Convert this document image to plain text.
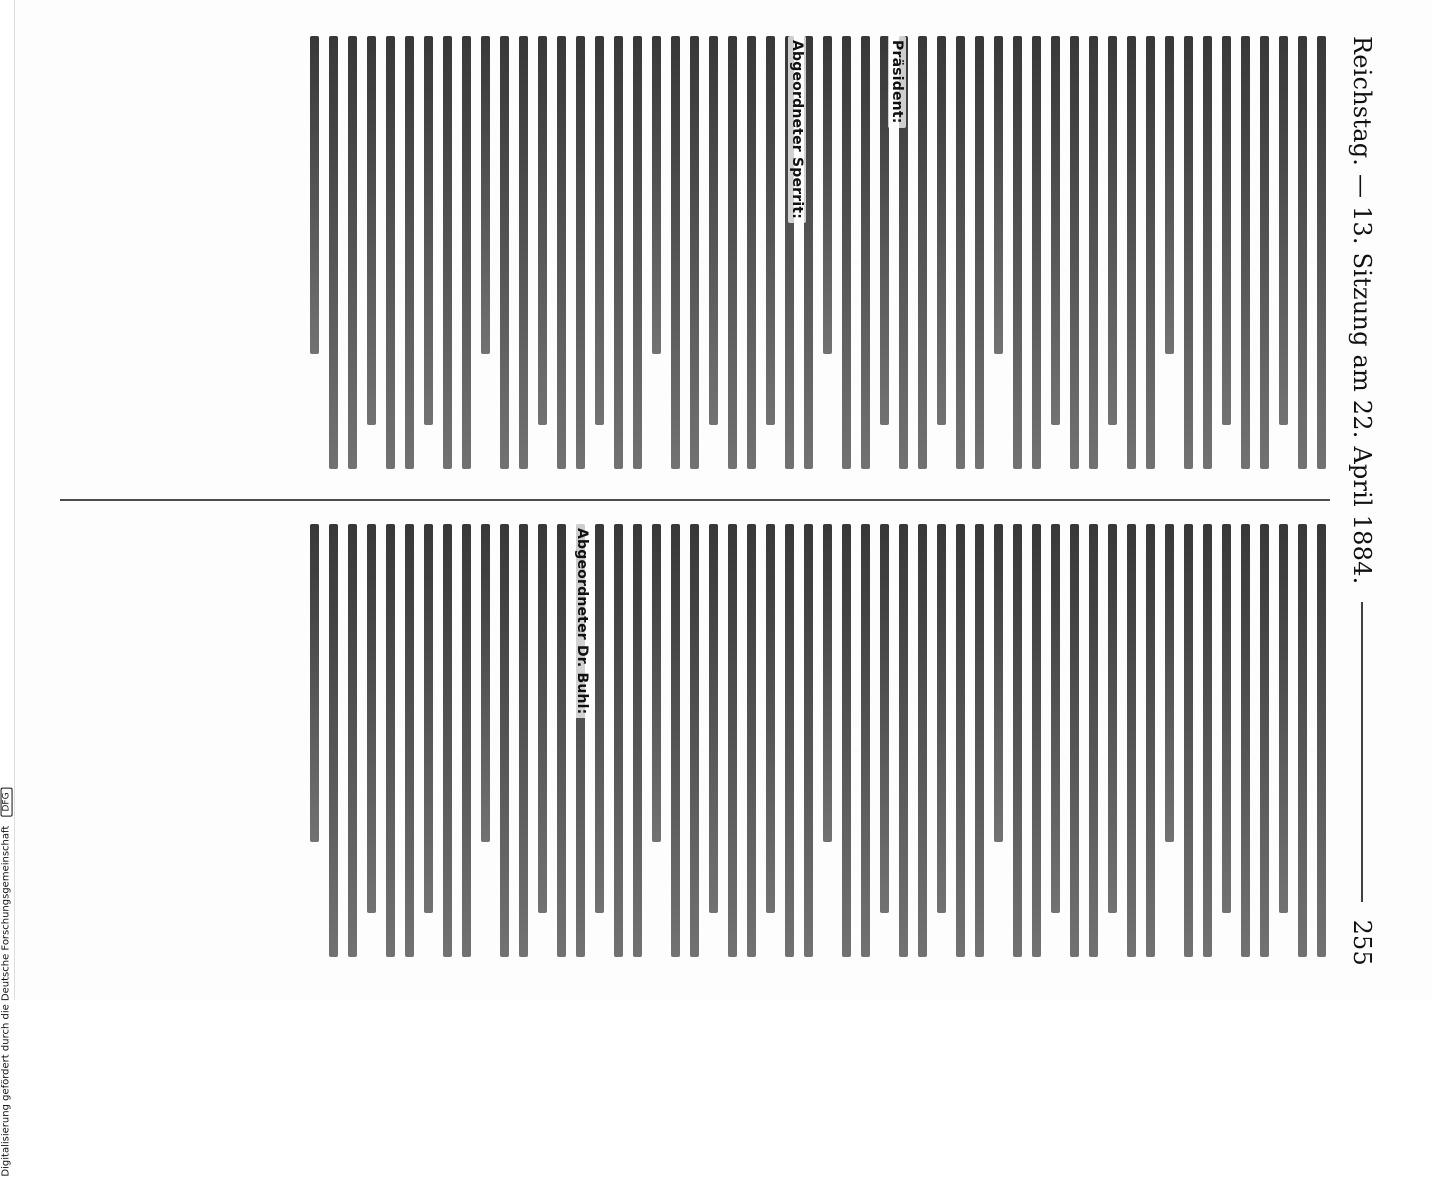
Digitalisierung gefördert durch die Deutsche Forschungsgemeinschaft DFG
Reichstag. — 13. Sitzung am 22. April 1884.
255
Präsident:
Abgeordneter Sperrit:
Abgeordneter Dr. Buhl:
